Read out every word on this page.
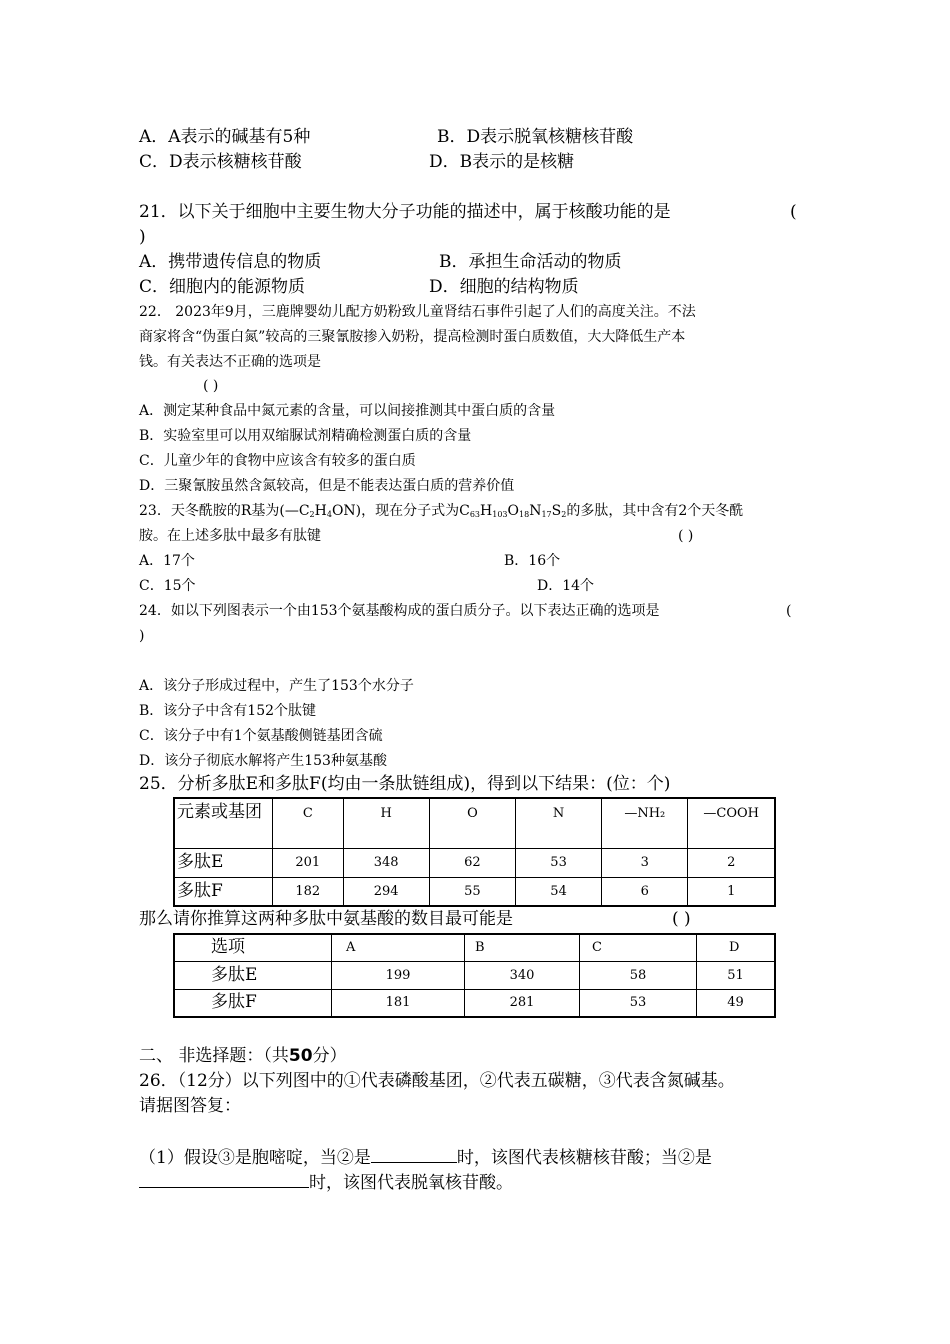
A．A表示的碱基有5种	B．D表示脱氧核糖核苷酸
C．D表示核糖核苷酸	D．B表示的是核糖
21．以下关于细胞中主要生物大分子功能的描述中，属于核酸功能的是	(
)
A．携带遗传信息的物质	B．承担生命活动的物质
C．细胞内的能源物质	D．细胞的结构物质
22． 2023年9月，三鹿牌婴幼儿配方奶粉致儿童肾结石事件引起了人们的高度关注。不法
商家将含“伪蛋白氮”较高的三聚氰胺掺入奶粉，提高检测时蛋白质数值，大大降低生产本
钱。有关表达不正确的选项是
( )
A．测定某种食品中氮元素的含量，可以间接推测其中蛋白质的含量
B．实验室里可以用双缩脲试剂精确检测蛋白质的含量
C．儿童少年的食物中应该含有较多的蛋白质
D．三聚氰胺虽然含氮较高，但是不能表达蛋白质的营养价值
23．天冬酰胺的R基为$(—C_2H_4ON)$，现在分子式为$C_{63}H_{103}O_{18}N_{17}S_2$的多肽，其中含有2个天冬酰
胺。在上述多肽中最多有肽键	( )
A．17个	B．16个
C．15个	D．14个
24．如以下列图表示一个由153个氨基酸构成的蛋白质分子。以下表达正确的选项是	(
)
A．该分子形成过程中，产生了153个水分子
B．该分子中含有152个肽键
C．该分子中有1个氨基酸侧链基团含硫
D．该分子彻底水解将产生153种氨基酸
25．分析多肽E和多肽F(均由一条肽链组成)，得到以下结果：(位：个)
元素或基团	C	H	O	N	—NH₂	—COOH
多肽E	201	348	62	53	3	2
多肽F	182	294	55	54	6	1
那么请你推算这两种多肽中氨基酸的数目最可能是	( )
选项	A	B	C	D
多肽E	199	340	58	51
多肽F	181	281	53	49
二、 非选择题：（共50分）
26．（12分）以下列图中的①代表磷酸基团，②代表五碳糖，③代表含氮碱基。
请据图答复：
（1）假设③是胞嘧啶，当②是	时，该图代表核糖核苷酸；当②是
时，该图代表脱氧核苷酸。
